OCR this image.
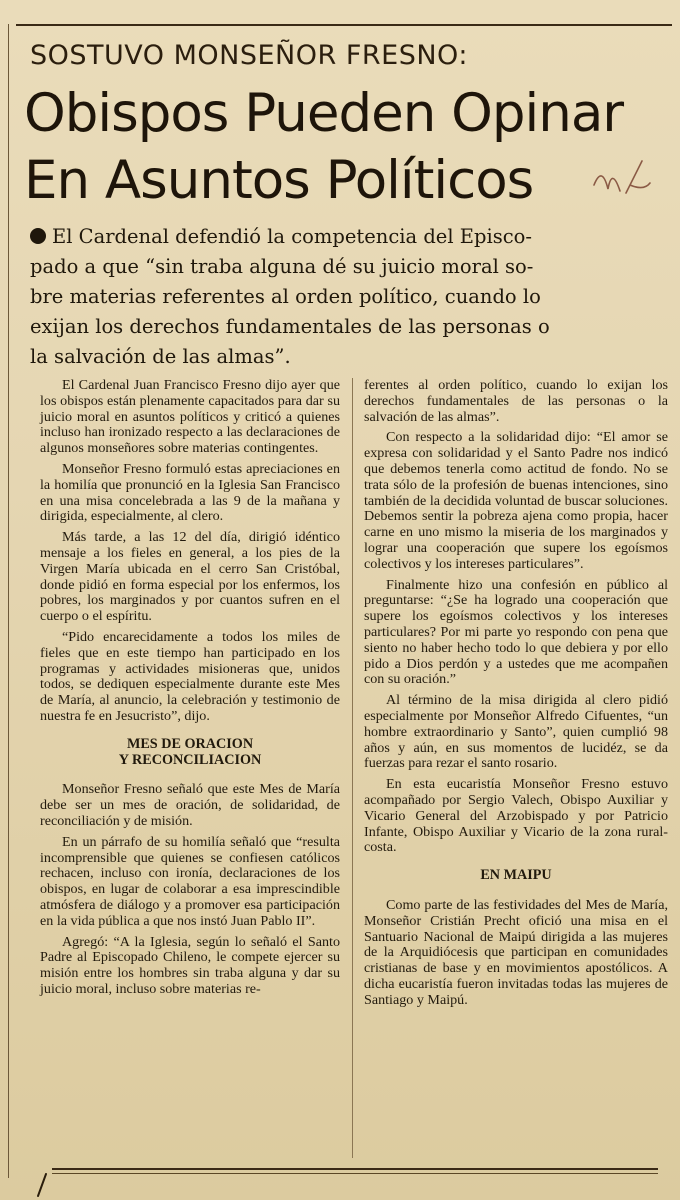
SOSTUVO MONSEÑOR FRESNO:
Obispos Pueden Opinar
En Asuntos Políticos
El Cardenal defendió la competencia del Episco-
pado a que “sin traba alguna dé su juicio moral so-
bre materias referentes al orden político, cuando lo
exijan los derechos fundamentales de las personas o
la salvación de las almas”.

El Cardenal Juan Francisco Fresno dijo ayer que los obispos están plenamente capacitados para dar su juicio moral en asuntos políticos y criticó a quienes incluso han ironizado respecto a las declaraciones de algunos monseñores sobre materias contingentes.

Monseñor Fresno formuló estas apreciaciones en la homilía que pronunció en la Iglesia San Francisco en una misa concelebrada a las 9 de la mañana y dirigida, especialmente, al clero.

Más tarde, a las 12 del día, dirigió idéntico mensaje a los fieles en general, a los pies de la Virgen María ubicada en el cerro San Cristóbal, donde pidió en forma especial por los enfermos, los pobres, los marginados y por cuantos sufren en el cuerpo o el espíritu.

“Pido encarecidamente a todos los miles de fieles que en este tiempo han participado en los programas y actividades misioneras que, unidos todos, se dediquen especialmente durante este Mes de María, al anuncio, la celebración y testimonio de nuestra fe en Jesucristo”, dijo.

MES DE ORACION
Y RECONCILIACION

Monseñor Fresno señaló que este Mes de María debe ser un mes de oración, de solidaridad, de reconciliación y de misión.

En un párrafo de su homilía señaló que “resulta incomprensible que quienes se confiesen católicos rechacen, incluso con ironía, declaraciones de los obispos, en lugar de colaborar a esa imprescindible atmósfera de diálogo y a promover esa participación en la vida pública a que nos instó Juan Pablo II”.

Agregó: “A la Iglesia, según lo señaló el Santo Padre al Episcopado Chileno, le compete ejercer su misión entre los hombres sin traba alguna y dar su juicio moral, incluso sobre materias re-

ferentes al orden político, cuando lo exijan los derechos fundamentales de las personas o la salvación de las almas”.

Con respecto a la solidaridad dijo: “El amor se expresa con solidaridad y el Santo Padre nos indicó que debemos tenerla como actitud de fondo. No se trata sólo de la profesión de buenas intenciones, sino también de la decidida voluntad de buscar soluciones. Debemos sentir la pobreza ajena como propia, hacer carne en uno mismo la miseria de los marginados y lograr una cooperación que supere los egoísmos colectivos y los intereses particulares”.

Finalmente hizo una confesión en público al preguntarse: “¿Se ha logrado una cooperación que supere los egoísmos colectivos y los intereses particulares? Por mi parte yo respondo con pena que siento no haber hecho todo lo que debiera y por ello pido a Dios perdón y a ustedes que me acompañen con su oración.”

Al término de la misa dirigida al clero pidió especialmente por Monseñor Alfredo Cifuentes, “un hombre extraordinario y Santo”, quien cumplió 98 años y aún, en sus momentos de lucidéz, se da fuerzas para rezar el santo rosario.

En esta eucaristía Monseñor Fresno estuvo acompañado por Sergio Valech, Obispo Auxiliar y Vicario General del Arzobispado y por Patricio Infante, Obispo Auxiliar y Vicario de la zona rural-costa.

EN MAIPU

Como parte de las festividades del Mes de María, Monseñor Cristián Precht ofició una misa en el Santuario Nacional de Maipú dirigida a las mujeres de la Arquidiócesis que participan en comunidades cristianas de base y en movimientos apostólicos. A dicha eucaristía fueron invitadas todas las mujeres de Santiago y Maipú.
